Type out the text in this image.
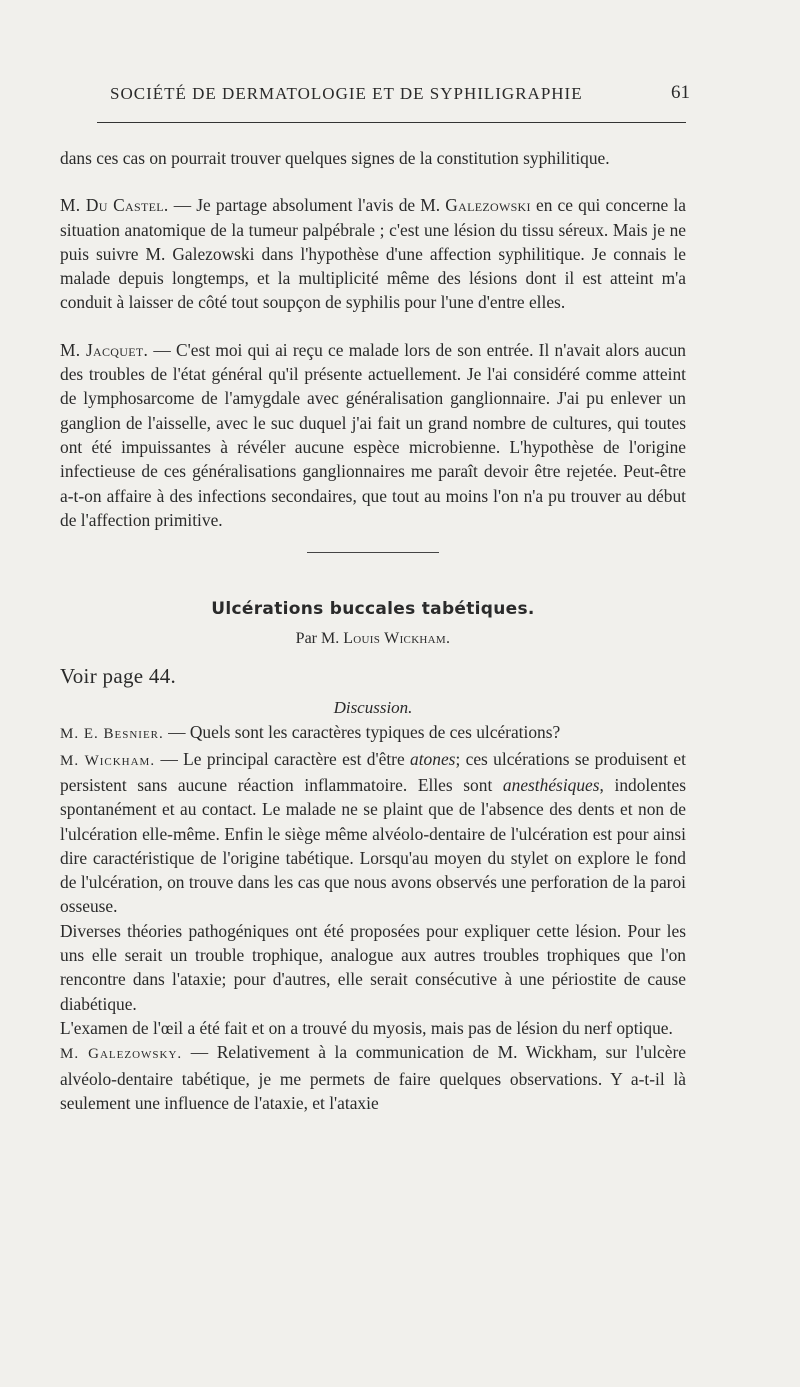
SOCIÉTÉ DE DERMATOLOGIE ET DE SYPHILIGRAPHIE	61

dans ces cas on pourrait trouver quelques signes de la constitution syphilitique.

M. Du Castel. — Je partage absolument l'avis de M. Galezowski en ce qui concerne la situation anatomique de la tumeur palpébrale ; c'est une lésion du tissu séreux. Mais je ne puis suivre M. Galezowski dans l'hypothèse d'une affection syphilitique. Je connais le malade depuis longtemps, et la multiplicité même des lésions dont il est atteint m'a conduit à laisser de côté tout soupçon de syphilis pour l'une d'entre elles.

M. Jacquet. — C'est moi qui ai reçu ce malade lors de son entrée. Il n'avait alors aucun des troubles de l'état général qu'il présente actuellement. Je l'ai considéré comme atteint de lymphosarcome de l'amygdale avec généralisation ganglionnaire. J'ai pu enlever un ganglion de l'aisselle, avec le suc duquel j'ai fait un grand nombre de cultures, qui toutes ont été impuissantes à révéler aucune espèce microbienne. L'hypothèse de l'origine infectieuse de ces généralisations ganglionnaires me paraît devoir être rejetée. Peut-être a-t-on affaire à des infections secondaires, que tout au moins l'on n'a pu trouver au début de l'affection primitive.

Ulcérations buccales tabétiques.
Par M. Louis Wickham.
Voir page 44.
Discussion.

M. E. Besnier. — Quels sont les caractères typiques de ces ulcérations?

M. Wickham. — Le principal caractère est d'être atones; ces ulcérations se produisent et persistent sans aucune réaction inflammatoire. Elles sont anesthésiques, indolentes spontanément et au contact. Le malade ne se plaint que de l'absence des dents et non de l'ulcération elle-même. Enfin le siège même alvéolo-dentaire de l'ulcération est pour ainsi dire caractéristique de l'origine tabétique. Lorsqu'au moyen du stylet on explore le fond de l'ulcération, on trouve dans les cas que nous avons observés une perforation de la paroi osseuse.

Diverses théories pathogéniques ont été proposées pour expliquer cette lésion. Pour les uns elle serait un trouble trophique, analogue aux autres troubles trophiques que l'on rencontre dans l'ataxie; pour d'autres, elle serait consécutive à une périostite de cause diabétique.

L'examen de l'œil a été fait et on a trouvé du myosis, mais pas de lésion du nerf optique.

M. Galezowsky. — Relativement à la communication de M. Wickham, sur l'ulcère alvéolo-dentaire tabétique, je me permets de faire quelques observations. Y a-t-il là seulement une influence de l'ataxie, et l'ataxie
